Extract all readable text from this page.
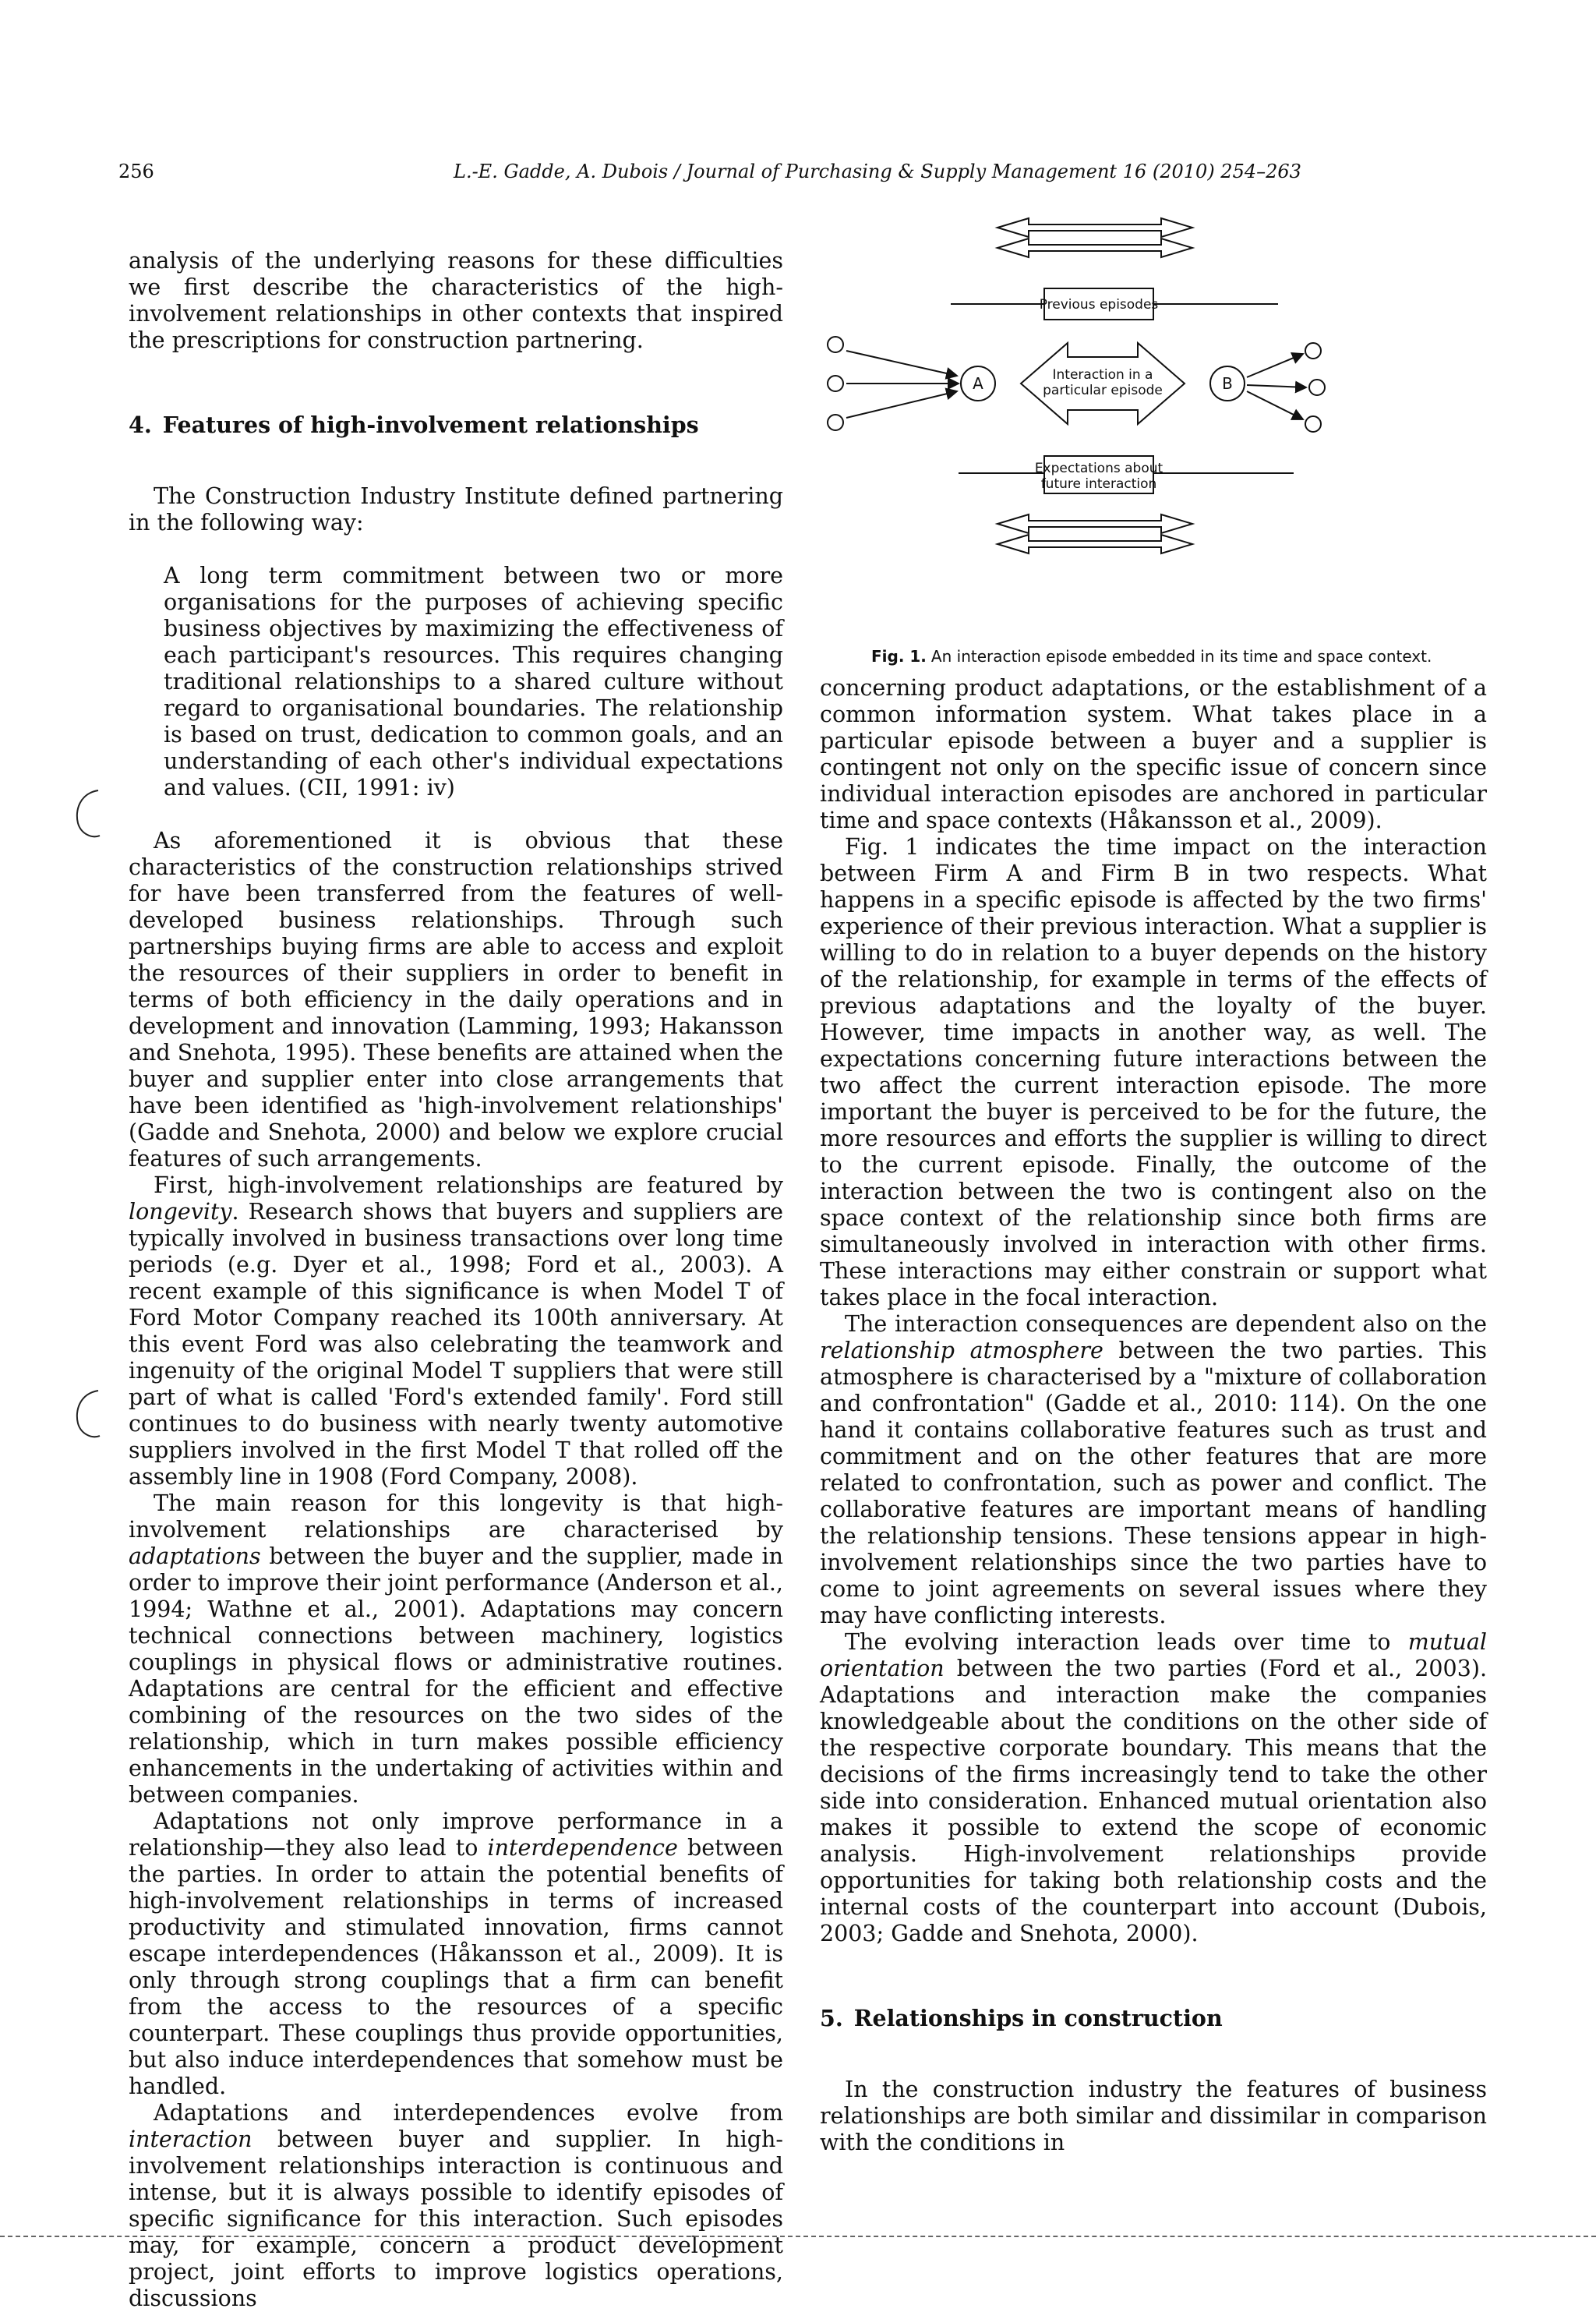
256	L.-E. Gadde, A. Dubois / Journal of Purchasing & Supply Management 16 (2010) 254–263

analysis of the underlying reasons for these difficulties we first describe the characteristics of the high-involvement relationships in other contexts that inspired the prescriptions for construction partnering.

4. Features of high-involvement relationships

The Construction Industry Institute defined partnering in the following way:

A long term commitment between two or more organisations for the purposes of achieving specific business objectives by maximizing the effectiveness of each participant's resources. This requires changing traditional relationships to a shared culture without regard to organisational boundaries. The relationship is based on trust, dedication to common goals, and an understanding of each other's individual expectations and values. (CII, 1991: iv)

As aforementioned it is obvious that these characteristics of the construction relationships strived for have been transferred from the features of well-developed business relationships. Through such partnerships buying firms are able to access and exploit the resources of their suppliers in order to benefit in terms of both efficiency in the daily operations and in development and innovation (Lamming, 1993; Hakansson and Snehota, 1995). These benefits are attained when the buyer and supplier enter into close arrangements that have been identified as 'high-involvement relationships' (Gadde and Snehota, 2000) and below we explore crucial features of such arrangements.

First, high-involvement relationships are featured by longevity. Research shows that buyers and suppliers are typically involved in business transactions over long time periods (e.g. Dyer et al., 1998; Ford et al., 2003). A recent example of this significance is when Model T of Ford Motor Company reached its 100th anniversary. At this event Ford was also celebrating the teamwork and ingenuity of the original Model T suppliers that were still part of what is called 'Ford's extended family'. Ford still continues to do business with nearly twenty automotive suppliers involved in the first Model T that rolled off the assembly line in 1908 (Ford Company, 2008).

The main reason for this longevity is that high-involvement relationships are characterised by adaptations between the buyer and the supplier, made in order to improve their joint performance (Anderson et al., 1994; Wathne et al., 2001). Adaptations may concern technical connections between machinery, logistics couplings in physical flows or administrative routines. Adaptations are central for the efficient and effective combining of the resources on the two sides of the relationship, which in turn makes possible efficiency enhancements in the undertaking of activities within and between companies.

Adaptations not only improve performance in a relationship—they also lead to interdependence between the parties. In order to attain the potential benefits of high-involvement relationships in terms of increased productivity and stimulated innovation, firms cannot escape interdependences (Håkansson et al., 2009). It is only through strong couplings that a firm can benefit from the access to the resources of a specific counterpart. These couplings thus provide opportunities, but also induce interdependences that somehow must be handled.

Adaptations and interdependences evolve from interaction between buyer and supplier. In high-involvement relationships interaction is continuous and intense, but it is always possible to identify episodes of specific significance for this interaction. Such episodes may, for example, concern a product development project, joint efforts to improve logistics operations, discussions

Previous episodes
Interaction in a
particular episode
Expectations about
future interaction
A	B
Fig. 1. An interaction episode embedded in its time and space context.

concerning product adaptations, or the establishment of a common information system. What takes place in a particular episode between a buyer and a supplier is contingent not only on the specific issue of concern since individual interaction episodes are anchored in particular time and space contexts (Håkansson et al., 2009).

Fig. 1 indicates the time impact on the interaction between Firm A and Firm B in two respects. What happens in a specific episode is affected by the two firms' experience of their previous interaction. What a supplier is willing to do in relation to a buyer depends on the history of the relationship, for example in terms of the effects of previous adaptations and the loyalty of the buyer. However, time impacts in another way, as well. The expectations concerning future interactions between the two affect the current interaction episode. The more important the buyer is perceived to be for the future, the more resources and efforts the supplier is willing to direct to the current episode. Finally, the outcome of the interaction between the two is contingent also on the space context of the relationship since both firms are simultaneously involved in interaction with other firms. These interactions may either constrain or support what takes place in the focal interaction.

The interaction consequences are dependent also on the relationship atmosphere between the two parties. This atmosphere is characterised by a "mixture of collaboration and confrontation" (Gadde et al., 2010: 114). On the one hand it contains collaborative features such as trust and commitment and on the other features that are more related to confrontation, such as power and conflict. The collaborative features are important means of handling the relationship tensions. These tensions appear in high-involvement relationships since the two parties have to come to joint agreements on several issues where they may have conflicting interests.

The evolving interaction leads over time to mutual orientation between the two parties (Ford et al., 2003). Adaptations and interaction make the companies knowledgeable about the conditions on the other side of the respective corporate boundary. This means that the decisions of the firms increasingly tend to take the other side into consideration. Enhanced mutual orientation also makes it possible to extend the scope of economic analysis. High-involvement relationships provide opportunities for taking both relationship costs and the internal costs of the counterpart into account (Dubois, 2003; Gadde and Snehota, 2000).

5. Relationships in construction

In the construction industry the features of business relationships are both similar and dissimilar in comparison with the conditions in
